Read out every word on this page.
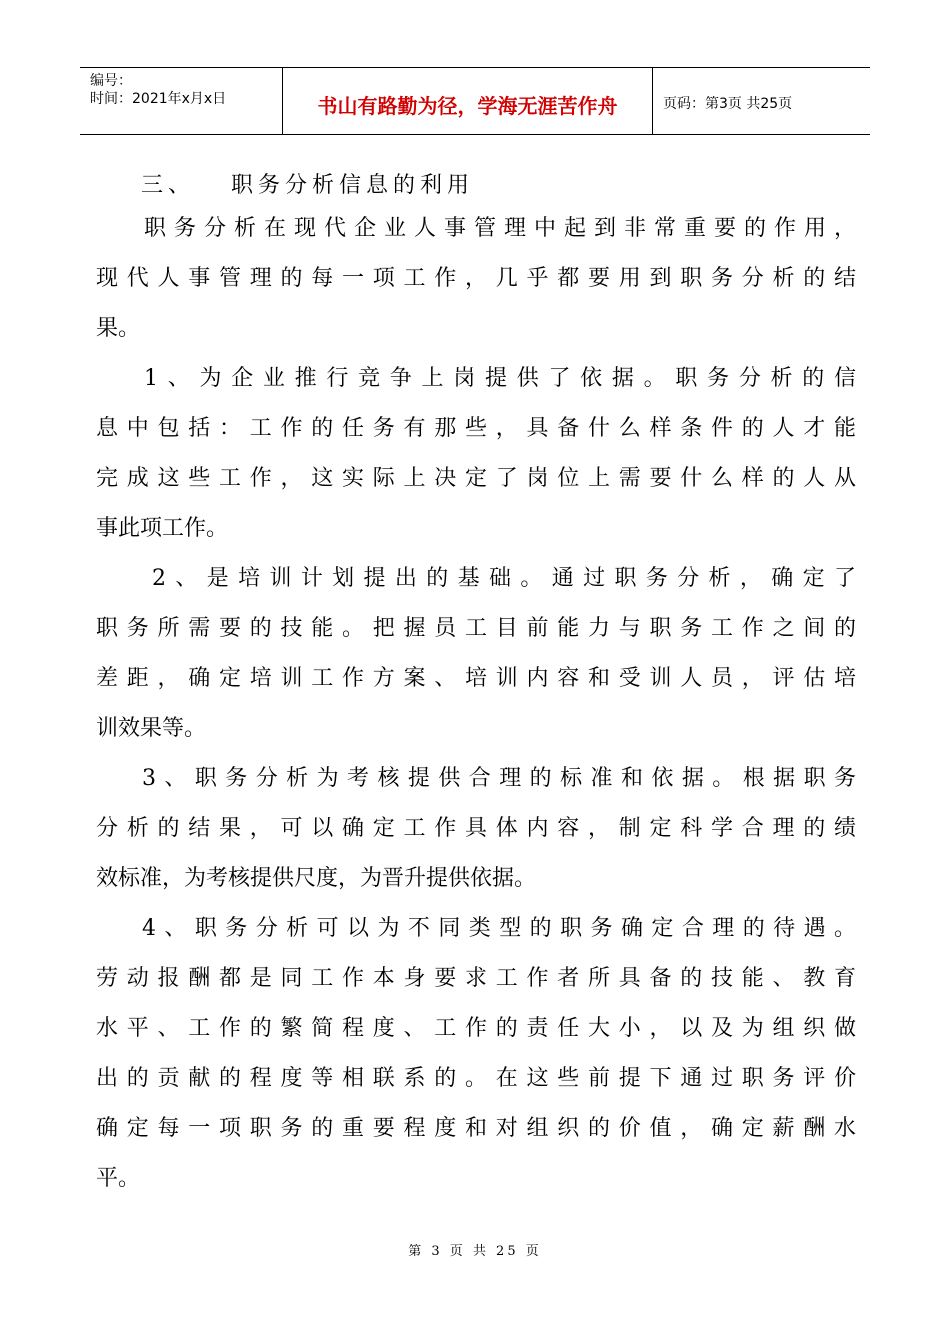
编号：
时间：2021年x月x日	书山有路勤为径，学海无涯苦作舟	页码：第3页 共25页
三、 职务分析信息的利用
职务分析在现代企业人事管理中起到非常重要的作用，
现代人事管理的每一项工作，几乎都要用到职务分析的结
果。
1、为企业推行竞争上岗提供了依据。职务分析的信
息中包括：工作的任务有那些，具备什么样条件的人才能
完成这些工作，这实际上决定了岗位上需要什么样的人从
事此项工作。
2、是培训计划提出的基础。通过职务分析，确定了
职务所需要的技能。把握员工目前能力与职务工作之间的
差距，确定培训工作方案、培训内容和受训人员，评估培
训效果等。
3、职务分析为考核提供合理的标准和依据。根据职务
分析的结果，可以确定工作具体内容，制定科学合理的绩
效标准，为考核提供尺度，为晋升提供依据。
4、职务分析可以为不同类型的职务确定合理的待遇。
劳动报酬都是同工作本身要求工作者所具备的技能、教育
水平、工作的繁简程度、工作的责任大小，以及为组织做
出的贡献的程度等相联系的。在这些前提下通过职务评价
确定每一项职务的重要程度和对组织的价值，确定薪酬水
平。
第 3 页 共 25 页
